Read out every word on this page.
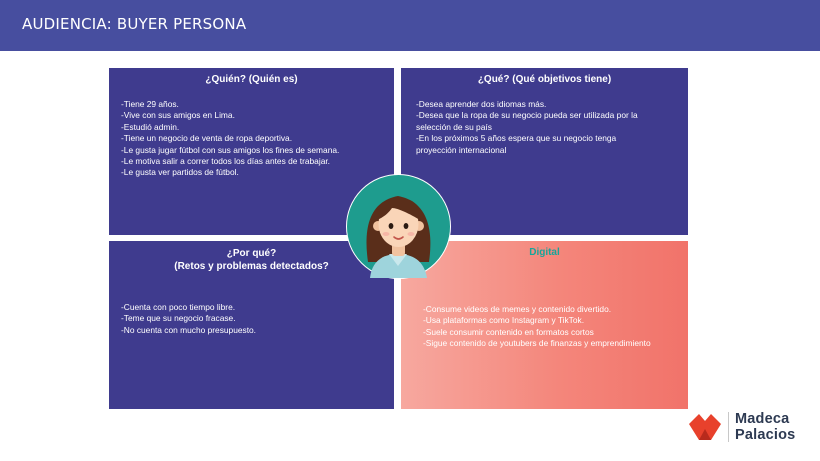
AUDIENCIA: BUYER PERSONA
¿Quién? (Quién es)
-Tiene 29 años.
-Vive con sus amigos en Lima.
-Estudió admin.
-Tiene un negocio de venta de ropa deportiva.
-Le gusta jugar fútbol con sus amigos los fines de semana.
-Le motiva salir a correr todos los días antes de trabajar.
-Le gusta ver partidos de fútbol.
¿Qué? (Qué objetivos tiene)
-Desea aprender dos idiomas más.
-Desea que la ropa de su negocio pueda ser utilizada por la
selección de su país
-En los próximos 5 años espera que su negocio tenga
proyección internacional
¿Por qué?
(Retos y problemas detectados?
-Cuenta con poco tiempo libre.
-Teme que su negocio fracase.
-No cuenta con mucho presupuesto.
Digital
-Consume videos de memes y contenido divertido.
-Usa plataformas como Instagram y TikTok.
-Suele consumir contenido en formatos cortos
-Sigue contenido de youtubers de finanzas y emprendimiento
Madeca
Palacios
